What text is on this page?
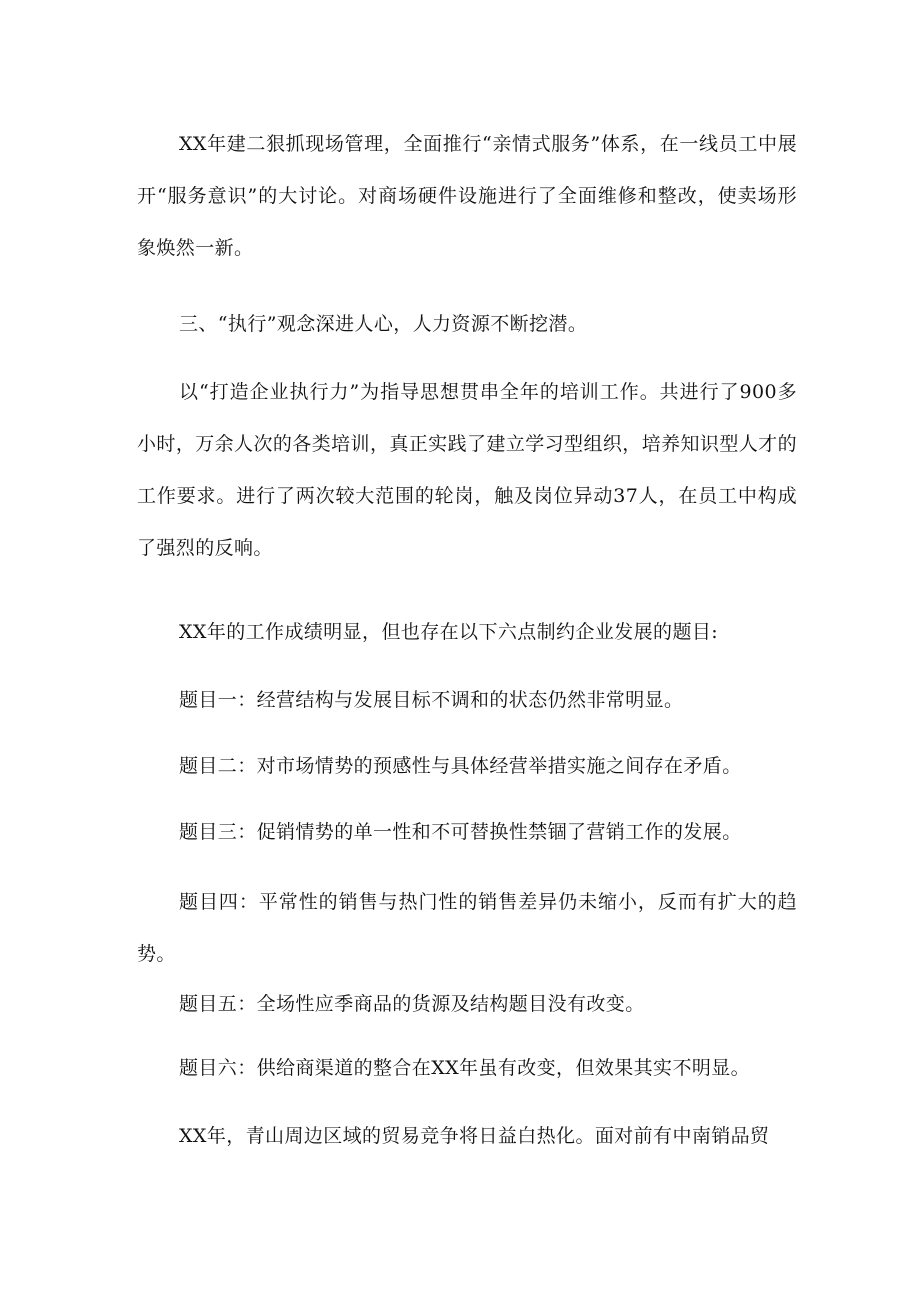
XX年建二狠抓现场管理，全面推行“亲情式服务”体系，在一线员工中展开“服务意识”的大讨论。对商场硬件设施进行了全面维修和整改，使卖场形象焕然一新。

三、“执行”观念深进人心，人力资源不断挖潜。

以“打造企业执行力”为指导思想贯串全年的培训工作。共进行了900多小时，万余人次的各类培训，真正实践了建立学习型组织，培养知识型人才的工作要求。进行了两次较大范围的轮岗，触及岗位异动37人，在员工中构成了强烈的反响。

XX年的工作成绩明显，但也存在以下六点制约企业发展的题目:

题目一：经营结构与发展目标不调和的状态仍然非常明显。

题目二：对市场情势的预感性与具体经营举措实施之间存在矛盾。

题目三：促销情势的单一性和不可替换性禁锢了营销工作的发展。

题目四：平常性的销售与热门性的销售差异仍未缩小，反而有扩大的趋势。

题目五：全场性应季商品的货源及结构题目没有改变。

题目六：供给商渠道的整合在XX年虽有改变，但效果其实不明显。

XX年，青山周边区域的贸易竞争将日益白热化。面对前有中南销品贸
